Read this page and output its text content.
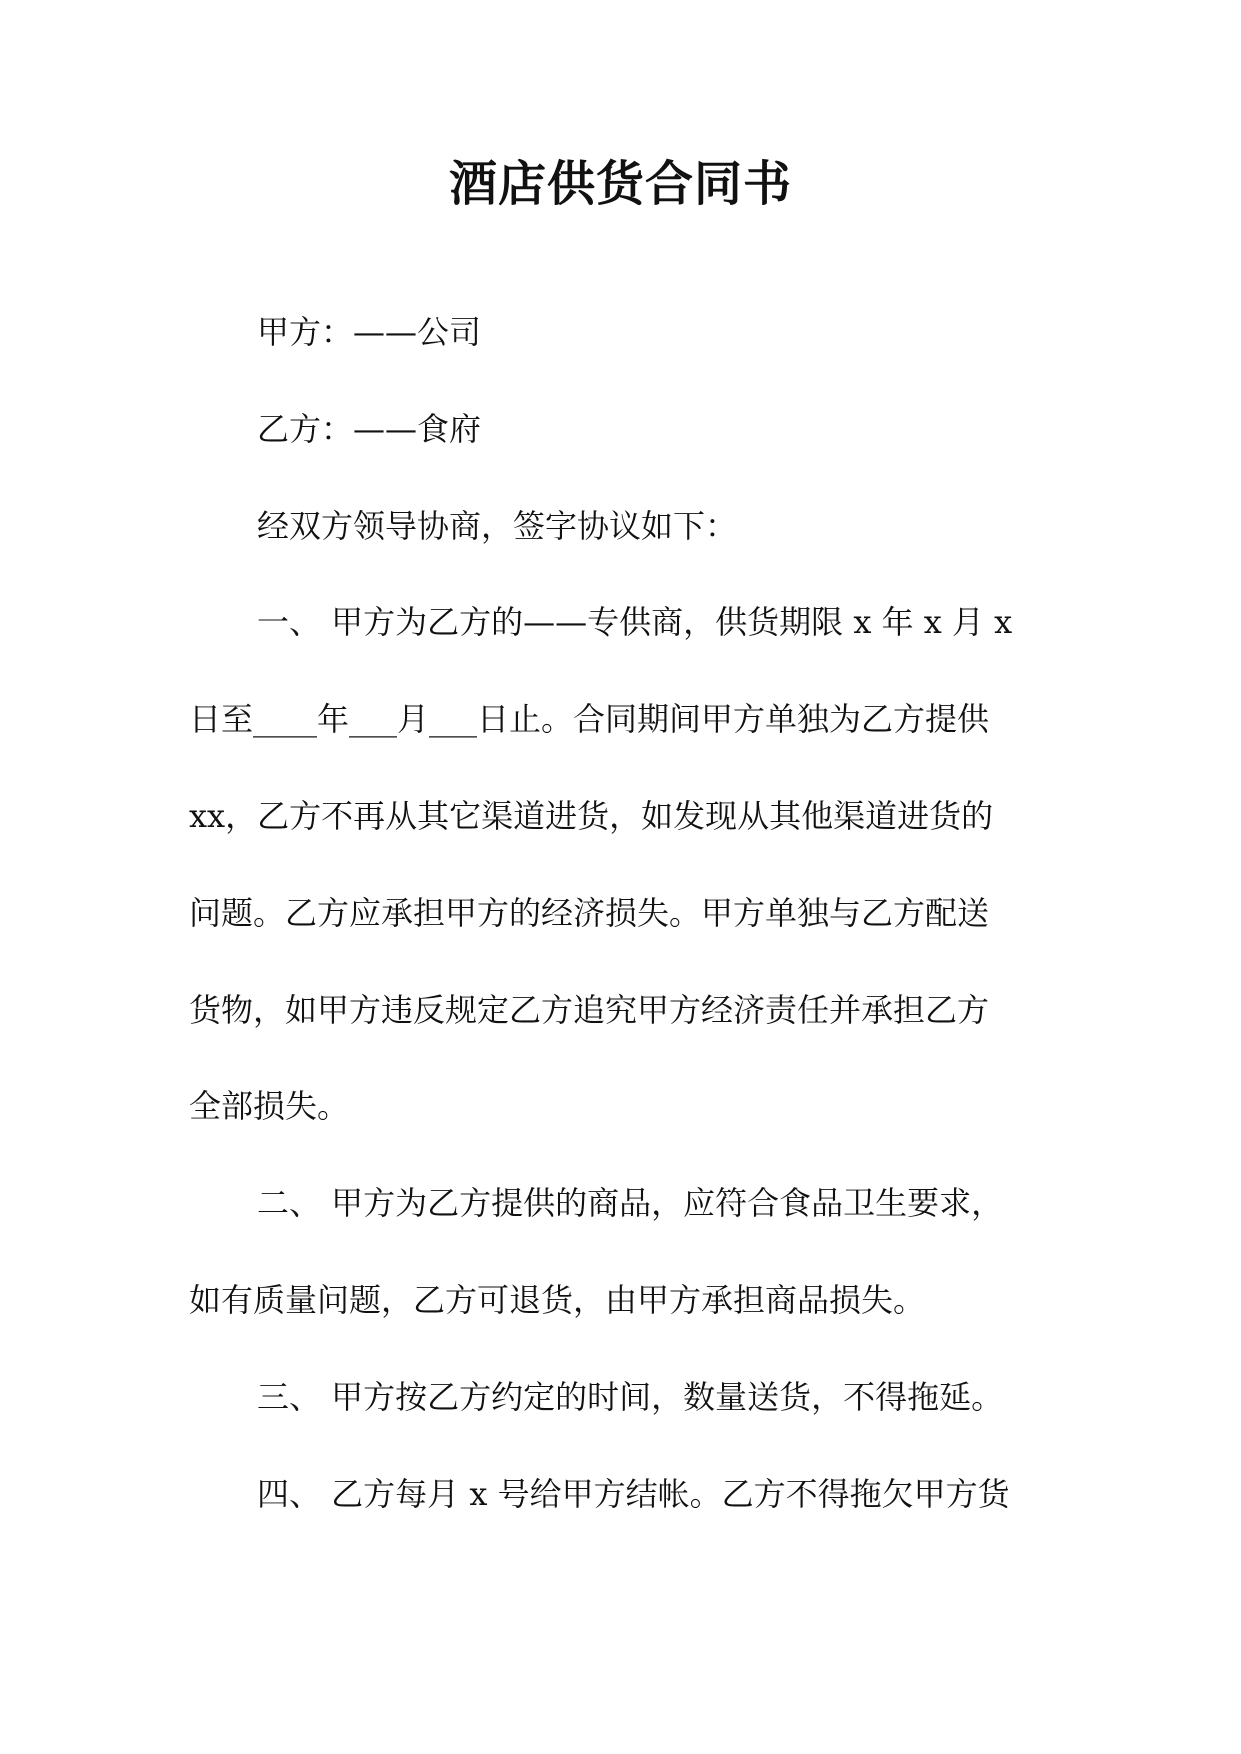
酒店供货合同书
甲方：——公司
乙方：——食府
经双方领导协商，签字协议如下：
一、 甲方为乙方的——专供商，供货期限 x 年 x 月 x
日至____年___月___日止。合同期间甲方单独为乙方提供
xx，乙方不再从其它渠道进货，如发现从其他渠道进货的
问题。乙方应承担甲方的经济损失。甲方单独与乙方配送
货物，如甲方违反规定乙方追究甲方经济责任并承担乙方
全部损失。
二、 甲方为乙方提供的商品，应符合食品卫生要求，
如有质量问题，乙方可退货，由甲方承担商品损失。
三、 甲方按乙方约定的时间，数量送货，不得拖延。
四、 乙方每月 x 号给甲方结帐。乙方不得拖欠甲方货
